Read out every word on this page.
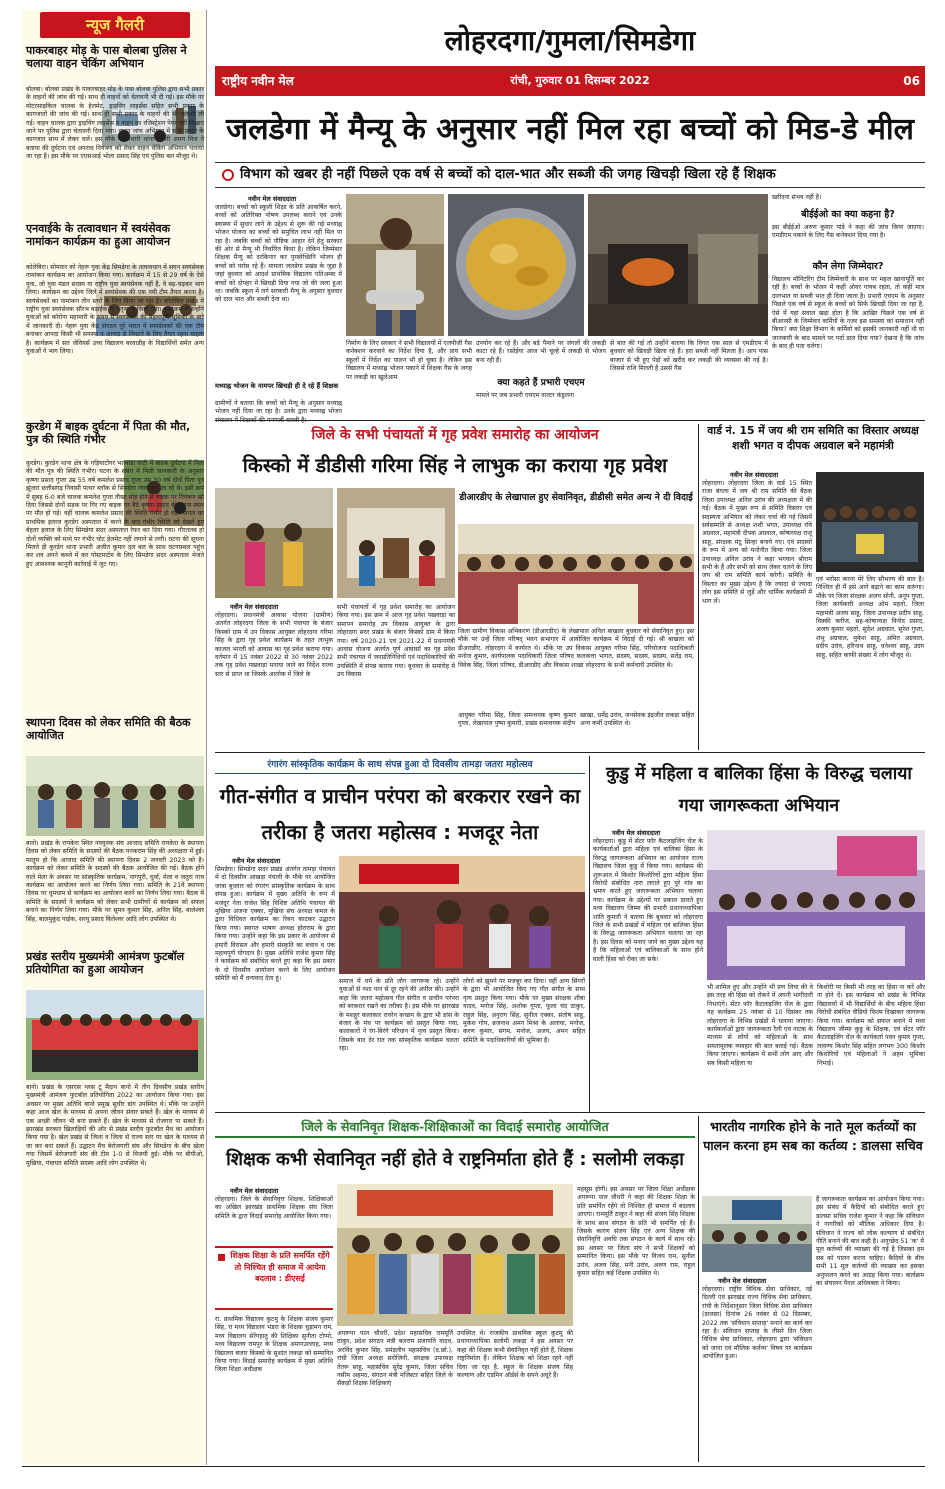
न्यूज गैलरी
पाकरबाहर मोड़ के पास बोलबा पुलिस ने चलाया वाहन चेकिंग अभियान
बोलबा। बोलबा प्रखंड के पाकरबाहर मोड़ के पास बोलबा पुलिस द्वारा सभी प्रकार के वाहनों की जांच की गई। साथ ही वाहनों को चेतावनी भी दी गई। इस मौके पर मोटरसाइकिल चालक के हेलमेट, ड्राइविंग लाइसेंस सहित सभी प्रकार के कागजातों की जांच की गई। साथ ही सभी प्रकार के वाहनों की भी तलाशी ली गई। वाहन चालक द्वारा ड्राइविंग लाइसेंस व वाहन का रजिस्ट्रेशन पेपर नहीं दिखाए जाने पर पुलिस द्वारा चेतावनी दिया गया। वाहन जांच अभियान में सभी प्रकार के कागजात साथ में लेकर चलें। इस मौके पर प्रभारी थाना प्रभारी अमय मिंज ने बताया की दुर्घटना एवं अपराध नियंत्रण को लेकर वाहन चेकिंग अभियान चलाया जा रहा है। इस मौके पर एएसआई भोला प्रसाद सिंह एवं पुलिस बल मौजूद थे।
एनवाईके के तत्वावधान में स्वयंसेवक नामांकन कार्यक्रम का हुआ आयोजन
कोलेबिरा। सोमवार को नेहरू युवा केंद्र सिमडेगा के तत्वावधान में सघन स्वयंसेवक नामांकन कार्यक्रम का आयोजन किया गया। कार्यक्रम में 15 से 29 वर्ष के ऐसे युवा, जो युवा मंडल सदस्य या राष्ट्रीय युवा स्वयंसेवक नहीं हैं, वे बढ़-चढ़कर भाग लिया। कार्यक्रम का उद्देश्य जिले में स्वयंसेवक की एक नयी टीम तैयार करना है। स्वयंसेवकों का नामांकन तीन स्तरों के लिए किया जा रहा है। कोलेबिरा प्रखंड में राष्ट्रीय युवा स्वयंसेवक सौरभ बड़ाईक के नेतृत्व में किया गया। कार्यक्रम में उन्होंने युवाओं को कोरोना महामारी के समय में स्वयंसेवक की महत्वपूर्ण भूमिका के बारे में जानकारी दी। नेहरू युवा केंद्र संगठन पूरे भारत में स्वयंसेवकों की एक टीम बनाकर आपदा किसी भी समस्या व आपदा से निपटने के लिए तैयार रहना चाहता है। कार्यक्रम में सत जेवियर्स उच्च विद्यालय बरवाडीह के विद्यार्थियों समेत अन्य युवाओं ने भाग लिया।
कुरडेग में बाइक दुर्घटना में पिता की मौत, पुत्र की स्थिति गंभीर
कुरडेग। कुरडेग थाना क्षेत्र के गड़ियाटोंगर भतनाडा घाटी में बाइक दुर्घटना में पिता की मौत पुत्र की स्थिति गंभीर। घटना के संबंध में मिली जानकारी के अनुसार कृष्णा प्रसाद गुप्ता उम्र 55 वर्ष कमलेश प्रसाद गुप्ता उम्र 30 वर्ष दोनों पिता पुत्र झूंजरा छत्तीसगढ़ निवासी पत्थर ब्लॉक से सिमडेगा न्यायालय जा रहे थे। इसी क्रम में सुबह 6-0 बजे चालक कमलेश गुप्ता तीखा मोड़ होने से बाइक पर नियंत्रण खो दिया जिससे दोनों सड़क पर गिर गए बाइक पर बैठे कृष्णा प्रसाद की घटना स्थल पर मौत हो गई। वहीं चालक कमलेश प्रसाद की स्थिति गंभीर हो गई। घायल का प्राथमिक इलाज कुरडेग अस्पताल में करने के बाद गंभीर स्थिति को देखते हुए बेहतर इलाज के लिए सिमडेगा सदर अस्पताल रेफर कर दिया गया। गौरतलब हो दोनों व्यक्ति को माथे पर गंभीर चोट हेलमेट नहीं लगाने से लगी। घटना की सूचना मिलते ही कुरडेग थाना प्रभारी अजीत कुमार दल बल के साथ घटनास्थल पहुंच कर शव अपने कब्जे में कर पोस्टमार्टम के लिए सिमडेगा सदर अस्पताल भेजते हुए आवश्यक कानूनी कार्रवाई में जुट गए।
स्थापना दिवस को लेकर समिति की बैठक आयोजित
बानो। प्रखंड के रायकेरा स्थित नवयुवक संघ आजाद समिति रायकेरा के स्थापना दिवस को लेकर समिति के सदस्यों की बैठक पनकराम सिंह की अध्यक्षता में हुई। मालूम हो कि आजाद समिति की स्थापना दिवस 2 जनवरी 2023 को है। कार्यक्रम को लेकर समिति के सदस्यों की बैठक आयोजित की गई। बैठक होने वाले मेला के अवसर पर सांस्कृतिक कार्यक्रम, नागपुरी, धुर्वा, मेला व जतुरा नाच कार्यक्रम का आयोजन करने का निर्णय लिया गया। समिति के 21वें स्थापना दिवस पर धूमधाम से कार्यक्रम का आयोजन करने का निर्णय लिया गया। बैठक में समिति के सदस्यों ने कार्यक्रम को लेकर सभी ग्रामीणों से कार्यक्रम को सफल बनाने का निर्णय लिया गया। मौके पर सुमन कुमार सिंह, अनिल सिंह, बालेश्वर सिंह, बालमुकुंद पाईक, सरयू प्रसाद बिलेश्वर आदि लोग उपस्थित थे।
प्रखंड स्तरीय मुख्यमंत्री आमंत्रण फुटबॉल प्रतियोगिता का हुआ आयोजन
बानो। प्रखंड के एसएस प्लस टू मैदान बानो में तीन दिवसीय प्रखंड स्तरीय मुख्यमंत्री आमंत्रण फुटबॉल प्रतियोगिता 2022 का आयोजन किया गया। इस अवसर पर मुख्य अतिथि बानो प्रमुख सुधीर डांग उपस्थित थे। मौके पर उन्होंने कहा आज खेल के माध्यम से अपना जीवन संवार सकते हैं। खेल के माध्यम से एक अच्छी जीवन भी बना सकते हैं। खेल के माध्यम से रोजगार पा सकते हैं। झारखंड सरकार खिलाड़ियों की ओर से प्रखंड स्तरीय फुटबॉल मैच का आयोजन किया गया है। खेल प्रखंड से जिला व जिला से राज्य स्तर पर खेल के माध्यम से जा कर बना सकते हैं। उद्घाटन मैच बेरोजगारी संघ और सिमडेगा के बीच खेला गया जिसमें बेरोजगारी संघ की टीम 1-0 से विजयी हुई। मौके पर बीपीओ, मुखिया, पंचायत समिति सदस्य आदि लोग उपस्थित थे।
लोहरदगा/गुमला/सिमडेगा
राष्ट्रीय नवीन मेल	रांची, गुरुवार 01 दिसम्बर 2022	06
जलडेगा में मैन्यू के अनुसार नहीं मिल रहा बच्चों को मिड-डे मील
विभाग को खबर ही नहीं पिछले एक वर्ष से बच्चों को दाल-भात और सब्जी की जगह खिचड़ी खिला रहे हैं शिक्षक
नवीन मेल संवाददाता
जलडेगा। बच्चों को स्कूली शिक्षा के प्रति आकर्षित करने, बच्चों को अतिरिक्त पोषण उपलब्ध कराने एवं उनके स्वास्थ्य में सुधार लाने के उद्देश्य से शुरू की गई मध्याह्न भोजन योजना का बच्चों को समुचित लाभ नहीं मिल पा रहा है। जबकि बच्चों को पौष्टिक आहार देने हेतु सरकार की ओर से मैन्यू भी निर्धारित किया है। लेकिन जिम्मेवार शिक्षक मैन्यु को दरकिनार कर पुरस्वेच्छिनि भोजन ही बच्चों को परोस रहे हैं। मामला जलडेगा प्रखंड के जुड़ा है जहां बुधवार को आदर्श प्राथमिक विद्यालय पतिअम्बा में बच्चों को दोपहर में खिचड़ी दिया गया जो की जला हुआ था। जबकि स्कूल में लगे सरकारी मैन्यू के अनुसार बुधवार को दाल भात और सब्जी देना था।
मध्याह्न भोजन के नामपर खिचड़ी ही दे रहे हैं शिक्षक
ग्रामीणों ने बताया कि बच्चों को मैन्यू के अनुसार मध्याह्न भोजन नहीं दिया जा रहा है। उनके द्वारा मध्याह्न भोजन
निर्माण के लिए सरकार ने सभी विद्यालयों में एलपीजी गैस कनेक्शन करवाने का निर्देश दिया है, और प्राय सभी स्कूलों में निर्देश का पालन भी हो चुका है। लेकिन इस विद्यालय में मध्याह्न भोजन पकाने में शिक्षक गैस के जगह पर लकड़ी का खुलेआम
उपयोग कर रहे हैं। और बड़े पैमाने पर जंगलों की लकड़ी काटा रहे हैं। रसोईया आज भी चूल्हे में लकड़ी से भोजन बना रही हैं।
क्या कहते हैं प्रभारी एचएम
मामले पर जब प्रभारी एचएम वाल्टर कंडुलना
से बात की गई तो उन्होंने बताया कि विगत एक साल से एमडीएम में बुधवार को खिचड़ी खिला रहे हैं। हरा सब्जी नहीं मिलता है। आप पास बाजार से भी हुए पेड़ों को खरीद कर लकड़ी की व्यवस्था की गई है। जिससे राशि मिलती है उससे गैस
खरीदना संभव नहीं है।
बीईईओ का क्या कहना है?
इस बीईईओ अरुण कुमार पांडे ने कहा की जांच किया जाएगा। एमडीएम पकाने के लिए गैस कनेक्शन दिया गया है।
कौन लेगा जिम्मेदार?
विद्यालय मॉनिटरिंग टीम जिम्मेवारी के साथ पर महज खानापूर्ति कर रही है। बच्चों के भोजन में कहीं ओवर गायब रहता, तो कहीं मात्र दालभात या सब्जी भात ही दिया जाता है। प्रभारी एचएम के अनुसार पिछले एक वर्ष से स्कूल के बच्चों को सिर्फ खिचड़ी दिया जा रहा है, ऐसे में यहां सवाल खड़ा होता है कि आखिर पिछले एक वर्ष से बीआरसी के जिम्मेवार कर्मियों के नजर इस समस्या का समाधान नहीं किया? क्या शिक्षा विभाग के कर्मियों को इसकी जानकारी नहीं थी या जानकारी के बाद मामले पर पर्दा डाल दिया गया? देखना है कि जांच के बाद ही पता चलेगा।
जिले के सभी पंचायतों में गृह प्रवेश समारोह का आयोजन
किस्को में डीडीसी गरिमा सिंह ने लाभुक का कराया गृह प्रवेश
डीआरडीए के लेखापाल हुए सेवानिवृत, डीडीसी समेत अन्य ने दी विदाई
नवीन मेल संवाददाता
लोहरदगा। प्रधानमंत्री आवास योजना (ग्रामीण) अंतर्गत लोहरदगा जिला के सभी पंचायत के बंजार किस्को ग्राम में उप विकास आयुक्त लोहरदगा गरिमा सिंह के द्वारा गृह प्रवेश कार्यक्रम के तहत लाभुक काजल भारती को आवास का गृह प्रवेश कराया गया। वर्तमान में 15 नवंबर 2022 से 30 नवंबर 2022 तक गृह प्रवेश पखवाड़ा मनाया जाने का निर्देश राज्य स्तर से प्राप्त था जिसके आलोक में जिले के
सभी पंचायतों में गृह प्रवेश समारोह का आयोजन किया गया। इस क्रम में आज गृह प्रवेश पखवाड़ा का समापन समारोह उप विकास आयुक्त के द्वारा लोहरदगा सदर प्रखंड के बंजार किस्को ग्राम में किया गया। वर्ष 2020-21 एवं 2021-22 में प्रधानमंत्री आवास योजना अंतर्गत पूर्ण आवासों का गृह प्रवेश सभी पंचायत में जनप्रतिनिधियों एवं पदाधिकारियों की उपस्थिति में संपन्न कराया गया। बुधवार के समारोह में उप विकास
जिला ग्रामीण विकास अभिकरण (डीआरडीए) के लेखापाल अनिल बाखला बुधवार को सेवानिवृत हुए। इस मौके पर उन्हें जिला परिषद् भवन सभागार में आयोजित कार्यक्रम में विदाई दी गई। श्री बाखला को डीआरडीए, लोहरदगा में कार्यरत थे। मौके पर उप विकास आयुक्त गरिमा सिंह, परियोजना पदाधिकारी मनोज कुमार, कार्यपालक पदाधिकारी जिला परिषद कलकत्ता भागत, सदस्य, सदस्य, सदस्य, सतेंद्र राम, विवेक सिंह, जिला परिषद, डीआरडीए और विकास शाखा लोहरदगा के सभी कर्मचारी उपस्थित थे।
आयुक्त गरिमा सिंह, जिला समन्वयक कृष्ण कुमार गुप्ता, लेखापाल पुष्पा कुमारी, प्रखंड समन्वयक संदीप
खाखा, धर्मेंद्र उरांव, जनसेवक इंद्रजीत लकड़ा सहित अन्य कर्मी उपस्थित थे।
वार्ड नं. 15 में जय श्री राम समिति का विस्तार अध्यक्ष शशी भगत व दीपक अग्रवाल बने महामंत्री
नवीन मेल संवाददाता
लोहरदगा। लोहरदगा जिला के वार्ड 15 स्थित राजा बंगला में जय श्री राम समिति की बैठक जिला उपाध्यक्ष अनिल उरांव की अध्यक्षता में की गई। बैठक में मुख्य रूप से समिति विस्तार एवं सदस्यता अभियान को लेकर चर्चा की गई जिसमें सर्वसम्मति से अध्यक्ष शशी भगत, उपाध्यक्ष रवि अग्रवाल, महामंत्री दीपक अग्रवाल, कोषाध्यक्ष राजू साहू, संरक्षक मंटू सिन्हा बनाये गए। एवं सदस्यों के रूप में अन्य को मनोनीत किया गया। जिला उपाध्यक्ष अनिल उरांव ने कहा भगवान श्रीराम सभी के हैं और सभी को साथ लेकर चलने के लिए जय श्री राम समिति कार्य करेगी। समिति के विस्तार का मुख्य उद्देश्य है कि ज्यादा से ज्यादा लोग इस समिति से जुड़ें और धार्मिक कार्यक्रमों में भाग लें।
एवं भरोसा करना मेरे लिए सौभाग्य की बात है। निश्चित ही मैं इसे आगे बढ़ाने का काम करूंगा। मौके पर जिला संरक्षक अजय सोनी, अनूप गुप्ता, जिला कार्यकारी अध्यक्ष ओम महतो, जिला महामंत्री अजय साहू, जिला उपाध्यक्ष प्रदीप साहू, विक्की करीज, सह-कोषाध्यक्ष विनोद प्रसाद, अजय कुमार महतो, सुदेश अग्रवाल, सुरेश गुप्ता, शंभु अग्रवाल, मुकेश साहू, अमित अग्रवाल, प्रदीप उरांव, हरिनाथ साहू, धनेश्वर साहू, उदय साहू, सहित काफी संख्या में लोग मौजूद थे।
रंगारंग सांस्कृतिक कार्यक्रम के साथ संपन्न हुआ दो दिवसीय तामड़ा जतरा महोत्सव
गीत-संगीत व प्राचीन परंपरा को बरकरार रखने का तरीका है जतरा महोत्सव : मजदूर नेता
नवीन मेल संवाददाता
सिमडेगा। सिमडेगा सदर प्रखंड अंतर्गत तामड़ा पंचायत में दो दिवसीय आखड़ा पंचायी के मौके पर आयोजित जात्रा बुधवार को रंगारंग सांस्कृतिक कार्यक्रम के साथ संपन्न हुआ। कार्यक्रम में मुख्य अतिथि के रूप में मजदूर नेता राजेश सिंह विशिष्ट अतिथि पंचायत की मुखिया अंजना एक्का, मुखिया संघ अध्यक्ष कमल के द्वारा विधिवत कार्यक्रम का रिबन काटकर उद्घाटन किया गया। स्वागत भाषण अध्यक्ष होराराम के द्वारा किया गया। उन्होंने कहा कि इस प्रकार के आयोजन से हमारी विरासत और हमारी संस्कृति का बचाव व एक महत्वपूर्ण योगदान है। मुख्य अतिथि राजेश कुमार सिंह ने कार्यक्रम को संबोधित करते हुए कहा कि इस प्रकार के दो दिवसीय आयोजन करने के लिए आयोजन समिति को मैं धन्यवाद देता हूं।	समाज में धर्म के प्रति लोग जागरूक रहें। उन्होंने युवाओं से नशा पान से दूर रहने की अपील की। उन्होंने कहा कि जतरा महोत्सव गीत संगीत व प्राचीन परंपरा को बरकरार रखने का तरीका है। इस मौके पर झारखंड के मशहूर कलाकार रावरेन कच्छप के द्वारा भी डांस के बंजार के मंच पर कार्यक्रम को प्रस्तुत किया गया, कलाकारों ने रंग-बिरंगे परिधान में नृत्य प्रस्तुत किया। जिसके बाद देर रात तक सांस्कृतिक कार्यक्रम चलता रहा।
लोगों को झूमने पर मजबूर कर दिया। वहीं अन्य सिंगरों के द्वारा भी आयोजित किए गए गीत संगीत के साथ नृत्य प्रस्तुत किया गया। मौके पर मुख्य संरक्षक शीबा यादव, मनोज सिंह, अशोक गुप्ता, फूला चंद ठाकुर, राहुल सिंह, अनुराग सिंह, सुनील एक्का, संतोष साहू, मुकेश गोप, ब्रजनाथ अमन मिश्रा के अलावा, मनोज, करण कुमार, संगम, मनोज, अजय, अमन सहित समिति के पदाधिकारियों की भूमिका है।
कुडु में महिला व बालिका हिंसा के विरुद्ध चलाया गया जागरूकता अभियान
नवीन मेल संवाददाता
लोहरदगा। कुडु में सेंटर फॉर कैटलाइजिंग चेंज के कार्यकर्ताओं द्वारा महिला एवं बालिका हिंसा के विरुद्ध जागरूकता अभियान का आयोजन राज्य विद्यालय जिला कुडु में किया गया। कार्यक्रम की शुरूआत में किशोर किशोरियों द्वारा महिला हिंसा विरोधी संबोधित नारा लगाते हुए पूरे गांव का भ्रमण करते हुए जागरूकता अभियान चलाया गया। कार्यक्रम के उद्देश्यों पर प्रकाश डालते हुए मध्य विद्यालय जिम्मा की प्रभारी प्रधानाध्यापिका शांति कुमारी ने बताया कि बुधवार को लोहरदगा जिले के सभी प्रखंडों में महिला एवं बालिका हिंसा के विरुद्ध जागरूकता अभियान चलाया जा रहा है। इस दिवस को मनाए जाने का मुख्य उद्देश्य यह है कि महिलाओं एवं बालिकाओं के साथ होने वाली हिंसा को रोका जा सके।
भी शामिल हुए और उन्होंने भी प्रण लिया की वे इस तरह की हिंसा को रोकने में अपनी भागीदारी निभाएंगे। सेंटर फॉर कैटलाइजिंग चेंज के द्वारा यह कार्यक्रम 25 नवंबर से 10 दिसंबर तक लोहरदगा के विभिन्न प्रखंडों में चलाया जाएगा। कार्यकर्ताओं द्वारा जागरूकता रैली एवं नाटक के माध्यम से लोगों को महिलाओं के साथ समतामूलक व्यवहार की बात बताई गई। बैठक किया जाएगा। कार्यक्रम में सभी लोग आए और सब किसी महिला या
किशोरी पर किसी भी तरह का हिंसा ना करें और ना होने दें। इस कार्यक्रम को प्रखंड के विभिन्न विद्यालयों में भी विद्यार्थियों के बीच महिला हिंसा विरोधी संबंधित वीडियो फिल्म दिखाकर जागरूक किया गया। कार्यक्रम को सफल बनाने में मध्य विद्यालय जीम्मा कुडु के शिक्षक, एवं सेंटर फॉर कैटलाइजिंग चेंज के कार्यकर्ता पवन कुमार गुप्ता, लावण्य किशोर सिंह सहित लगभग 300 किशोर किशोरियों एवं महिलाओं ने अहम भूमिका निभाई।
जिले के सेवानिवृत शिक्षक-शिक्षिकाओं का विदाई समारोह आयोजित
शिक्षक कभी सेवानिवृत नहीं होते वे राष्ट्रनिर्माता होते हैं : सलोमी लकड़ा
नवीन मेल संवाददाता
लोहरदगा। जिले के सेवानिवृत्त शिक्षक, शिक्षिकाओं का अखिल झारखंड प्राथमिक शिक्षक संघ जिला समिति के द्वारा विदाई समारोह आयोजित किया गया।
शिक्षक शिक्षा के प्रति समर्पित रहेंगे तो निश्चित ही समाज में आयेगा बदलाव : डीएसई
रा. प्राथमिक विद्यालय कुटमु के शिक्षक संजय कुमार सिंह, रा मध्य विद्यालय भंडरा के शिक्षक चुड़ामन राम, मध्य विद्यालय सेरेंगहातु की शिक्षिका सुनीता टोप्पो, मध्य विद्यालय रामपुर के शिक्षक अमानउल्लाह, मध्य विद्यालय बंजार किस्को के सुशांत लकड़ा को सम्मानित किया गया। विदाई समारोह कार्यक्रम में मुख्य अतिथि जिला शिक्षा अधीक्षक
अपरूपा पाल चौधरी, प्रदेश महासचिव राममूर्ति ठाकुर, प्रदेश संगठन मंत्री बलराम प्रजापति यादव, अरविंद कुमार सिंह, प्रमंडलीय महासचिव (द.छो.), रांची जिला अध्यक्ष सरोजिनी, संरक्षक उपाध्यक्ष तेतरू साहू, महासचिव सुरेंद्र कुमार, जिला सचिव नसीम अहमद, संगठन मंत्री मजिस्टर सहित जिले के सैकड़ों शिक्षक शिक्षिकाएं
उपस्थित थे। राजकीय प्राथमिक स्कूल कुटमु की प्रधानाध्यापिका सलोमी लकड़ा ने इस अवसर पर कहा की शिक्षक कभी सेवानिवृत नहीं होते हैं, शिक्षक राष्ट्रनिर्माता हैं। लेकिन शिक्षक को शिक्षा रहने नहीं दिया जा रहा है, स्कूल के शिक्षक संजय सिंह कल्याण और एडमिन ऑर्डर्स के सपने अधूरे हैं।
महसूस होगी। इस अवसर पर जिला शिक्षा अधीक्षक अपरूपा पाल चौधरी ने कहा की शिक्षक शिक्षा के प्रति समर्पित रहेंगे तो निश्चित ही समाज में बदलाव आएगा। राममूर्ति ठाकुर ने कहा की संजय सिंह शिक्षक के साथ साथ संगठन के प्रति भी समर्पित रहे हैं। जिसके कारण संजय सिंह एवं अन्य शिक्षक की सेवानिवृत्ति अवधि तक संगठन के कार्य में साथ रहे। इस अवसर पर जिला संघ ने सभी शिक्षकों को सम्मानित किया। इस मौके पर विजय राम, सुनील उरांव, अजय सिंह, मनी उरांव, अरुण राम, राहुल कुमार सहित कई शिक्षक उपस्थित थे।
भारतीय नागरिक होने के नाते मूल कर्तव्यों का पालन करना हम सब का कर्तव्य : डालसा सचिव
नवीन मेल संवाददाता
लोहरदगा। राष्ट्रीय विधिक सेवा प्राधिकार, नई दिल्ली एवं झारखंड राज्य विधिक सेवा प्राधिकार, रांची के निर्देशानुसार जिला विधिक सेवा प्राधिकार (डालसा) दिनांक 26 नवंबर से 02 दिसम्बर, 2022 तक 'संविधान सप्ताह' मनाने का कार्य कर रहा है। संविधान सप्ताह के तीसरे दिन जिला विधिक सेवा प्राधिकार, लोहरदगा द्वारा 'संविधान को जाना एवं मौलिक कर्तव्य' विषय पर कार्यक्रम आयोजित हुआ।
हैं जागरूकता कार्यक्रम का आयोजन किया गया। इस संबंध में कैदियों को संबोधित करते हुए डालसा सचिव राजेश कुमार ने कहा कि संविधान ने नागरिकों को मौलिक अधिकार दिया है। संविधान ने राज्य को लोक कल्याण से संबंधित नीति बनाने की बात कही है। अनुच्छेद 51 'क' में मूल कर्तव्यों की व्याख्या की गई है जिसका हम सब को पालन करना चाहिए। कैदियों के बीच सभी 11 मूल कर्तव्यों की व्याख्या कर इसका अनुपालन करने का आग्रह किया गया। कार्यक्रम का संचालन पैनल अधिवक्ता ने किया।
